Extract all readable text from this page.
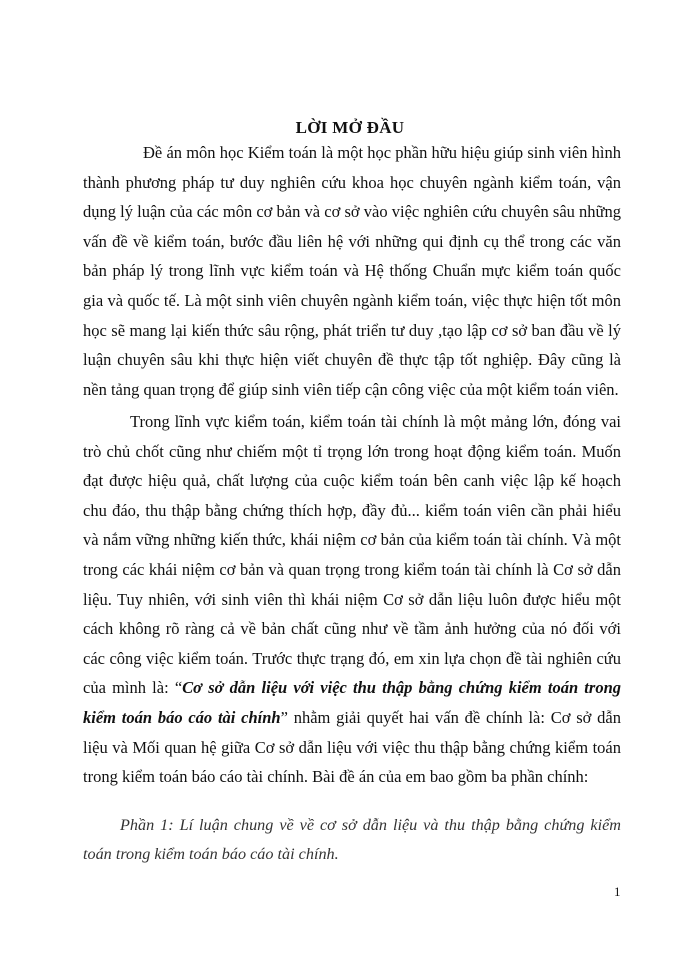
LỜI MỞ ĐẦU

Đề án môn học Kiểm toán là một học phần hữu hiệu giúp sinh viên hình thành phương pháp tư duy nghiên cứu khoa học chuyên ngành kiểm toán, vận dụng lý luận của các môn cơ bản và cơ sở vào việc nghiên cứu chuyên sâu những vấn đề về kiểm toán, bước đầu liên hệ với những qui định cụ thể trong các văn bản pháp lý trong lĩnh vực kiểm toán và Hệ thống Chuẩn mực kiểm toán quốc gia và quốc tế. Là một sinh viên chuyên ngành kiểm toán, việc thực hiện tốt môn học sẽ mang lại kiến thức sâu rộng, phát triển tư duy ,tạo lập cơ sở ban đầu về lý luận chuyên sâu khi thực hiện viết chuyên đề thực tập tốt nghiệp. Đây cũng là nền tảng quan trọng để giúp sinh viên tiếp cận công việc của một kiểm toán viên.

Trong lĩnh vực kiểm toán, kiểm toán tài chính là một mảng lớn, đóng vai trò chủ chốt cũng như chiếm một tỉ trọng lớn trong hoạt động kiểm toán. Muốn đạt được hiệu quả, chất lượng của cuộc kiểm toán bên canh việc lập kế hoạch chu đáo, thu thập bằng chứng thích hợp, đầy đủ... kiểm toán viên cần phải hiểu và nắm vững những kiến thức, khái niệm cơ bản của kiểm toán tài chính. Và một trong các khái niệm cơ bản và quan trọng trong kiểm toán tài chính là Cơ sở dẫn liệu. Tuy nhiên, với sinh viên thì khái niệm Cơ sở dẫn liệu luôn được hiểu một cách không rõ ràng cả về bản chất cũng như về tầm ảnh hưởng của nó đối với các công việc kiểm toán. Trước thực trạng đó, em xin lựa chọn đề tài nghiên cứu của mình là: “Cơ sở dẫn liệu với việc thu thập bằng chứng kiểm toán trong kiểm toán báo cáo tài chính” nhằm giải quyết hai vấn đề chính là: Cơ sở dẫn liệu và Mối quan hệ giữa Cơ sở dẫn liệu với việc thu thập bằng chứng kiểm toán trong kiểm toán báo cáo tài chính. Bài đề án của em bao gồm ba phần chính:

Phần 1: Lí luận chung về về cơ sở dẫn liệu và thu thập bằng chứng kiểm toán trong kiểm toán báo cáo tài chính.

1
